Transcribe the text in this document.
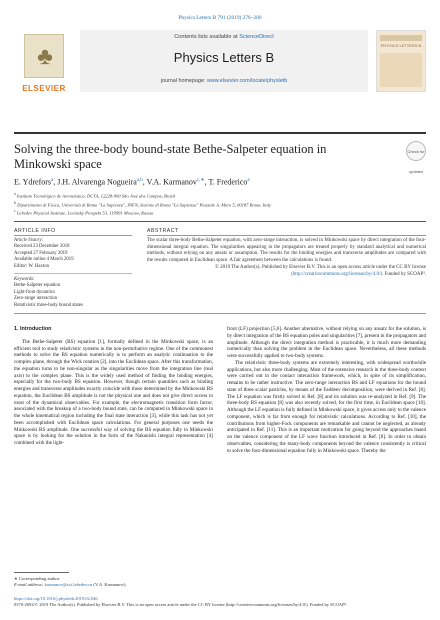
Physics Letters B 791 (2019) 276–280
♣
ELSEVIER
Contents lists available at ScienceDirect
Physics Letters B
journal homepage: www.elsevier.com/locate/physletb
PHYSICS LETTERS B
Solving the three-body bound-state Bethe-Salpeter equation in Minkowski space
Check for updates
E. Ydrefors$^a$, J.H. Alvarenga Nogueira$^{a,b}$, V.A. Karmanov$^{c,∗}$, T. Frederico$^a$
$^a$ Instituto Tecnológico de Aeronáutica, DCTA, 12228-900 São José dos Campos, Brazil
$^b$ Dipartimento di Fisica, Università di Roma "La Sapienza", INFN, Sezione di Roma "La Sapienza" Piazzale A. Moro 5, 00187 Roma, Italy
$^c$ Lebedev Physical Institute, Leninsky Prospekt 53, 119991 Moscow, Russia
ARTICLE INFO	ABSTRACT
Article history:
Received 23 December 2018
Accepted 27 February 2019
Available online 4 March 2019
Editor: W. Haxton
Keywords:
Bethe-Salpeter equation
Light-front dynamics
Zero-range interaction
Relativistic three-body bound states
The scalar three-body Bethe-Salpeter equation, with zero-range interaction, is solved in Minkowski space by direct integration of the four-dimensional integral equation. The singularities appearing in the propagators are treated properly by standard analytical and numerical methods, without relying on any ansatz or assumption. The results for the binding energies and transverse amplitudes are compared with the results computed in Euclidean space. A fair agreement between the calculations is found.
© 2019 The Author(s). Published by Elsevier B.V. This is an open access article under the CC BY license (http://creativecommons.org/licenses/by/4.0/). Funded by SCOAP³.
1. Introduction
The Bethe-Salpeter (BS) equation [1], formally defined in the Minkowski space, is an efficient tool to study relativistic systems in the non-perturbative regime. One of the commonest methods to solve the BS equation numerically is to perform an analytic continuation to the complex plane, through the Wick rotation [2], into the Euclidean space. After this transformation, the equation turns to be non-singular as the singularities move from the integration line (real axis) to the complex plane. This is the widely used method of finding the binding energies, especially for the two-body BS equation. However, though certain quantities such as binding energies and transverse amplitudes exactly coincide with those determined by the Minkowski BS equation, the Euclidean BS amplitude is not the physical one and does not give direct access to most of the dynamical observables. For example, the electromagnetic transition form factor, associated with the breakup of a two-body bound state, can be computed in Minkowski space in the whole kinematical region including the final state interaction [3], while this task has not yet been accomplished with Euclidean space calculations. For general purposes one needs the Minkowski BS amplitude. One successful way of solving the BS equation fully in Minkowski space is by looking for the solution in the form of the Nakanishi integral representation [4] combined with the light-
front (LF) projection [5,6]. Another alternative, without relying on any ansatz for the solution, is by direct integration of the BS equation poles and singularities [7], present in the propagators and amplitude. Although the direct integration method is practicable, it is much more demanding numerically than solving the problem in the Euclidean space. Nevertheless, all these methods were successfully applied to two-body systems.
The relativistic three-body systems are extremely interesting, with widespread worthwhile applications, but also more challenging. Most of the extensive research in the three-body context were carried out in the contact interaction framework, which, in spite of its simplification, remains to be rather instructive. The zero-range interaction BS and LF equations for the bound state of three scalar particles, by means of the Faddeev decomposition, were derived in Ref. [8]. The LF equation was firstly solved in Ref. [8] and its solution was re-analyzed in Ref. [9]. The three-body BS equation [8] was also recently solved, for the first time, in Euclidean space [10]. Although the LF equation is fully defined in Minkowski space, it gives access only to the valence component, which is far from enough for relativistic calculations. According to Ref. [10], the contributions from higher-Fock components are remarkable and cannot be neglected, as already anticipated in Ref. [11]. This is an important motivation for going beyond the approaches based on the valence component of the LF wave function introduced in Ref. [8]. In order to obtain observables, considering the many-body components beyond the valence consistently is critical to solve the four-dimensional equation fully in Minkowski space. Thereby the
∗ Corresponding author.
E-mail address: karmanov@sci.lebedev.ru (V.A. Karmanov).
https://doi.org/10.1016/j.physletb.2019.02.046
0370-2693/© 2019 The Author(s). Published by Elsevier B.V. This is an open access article under the CC BY license (http://creativecommons.org/licenses/by/4.0/). Funded by SCOAP³.
